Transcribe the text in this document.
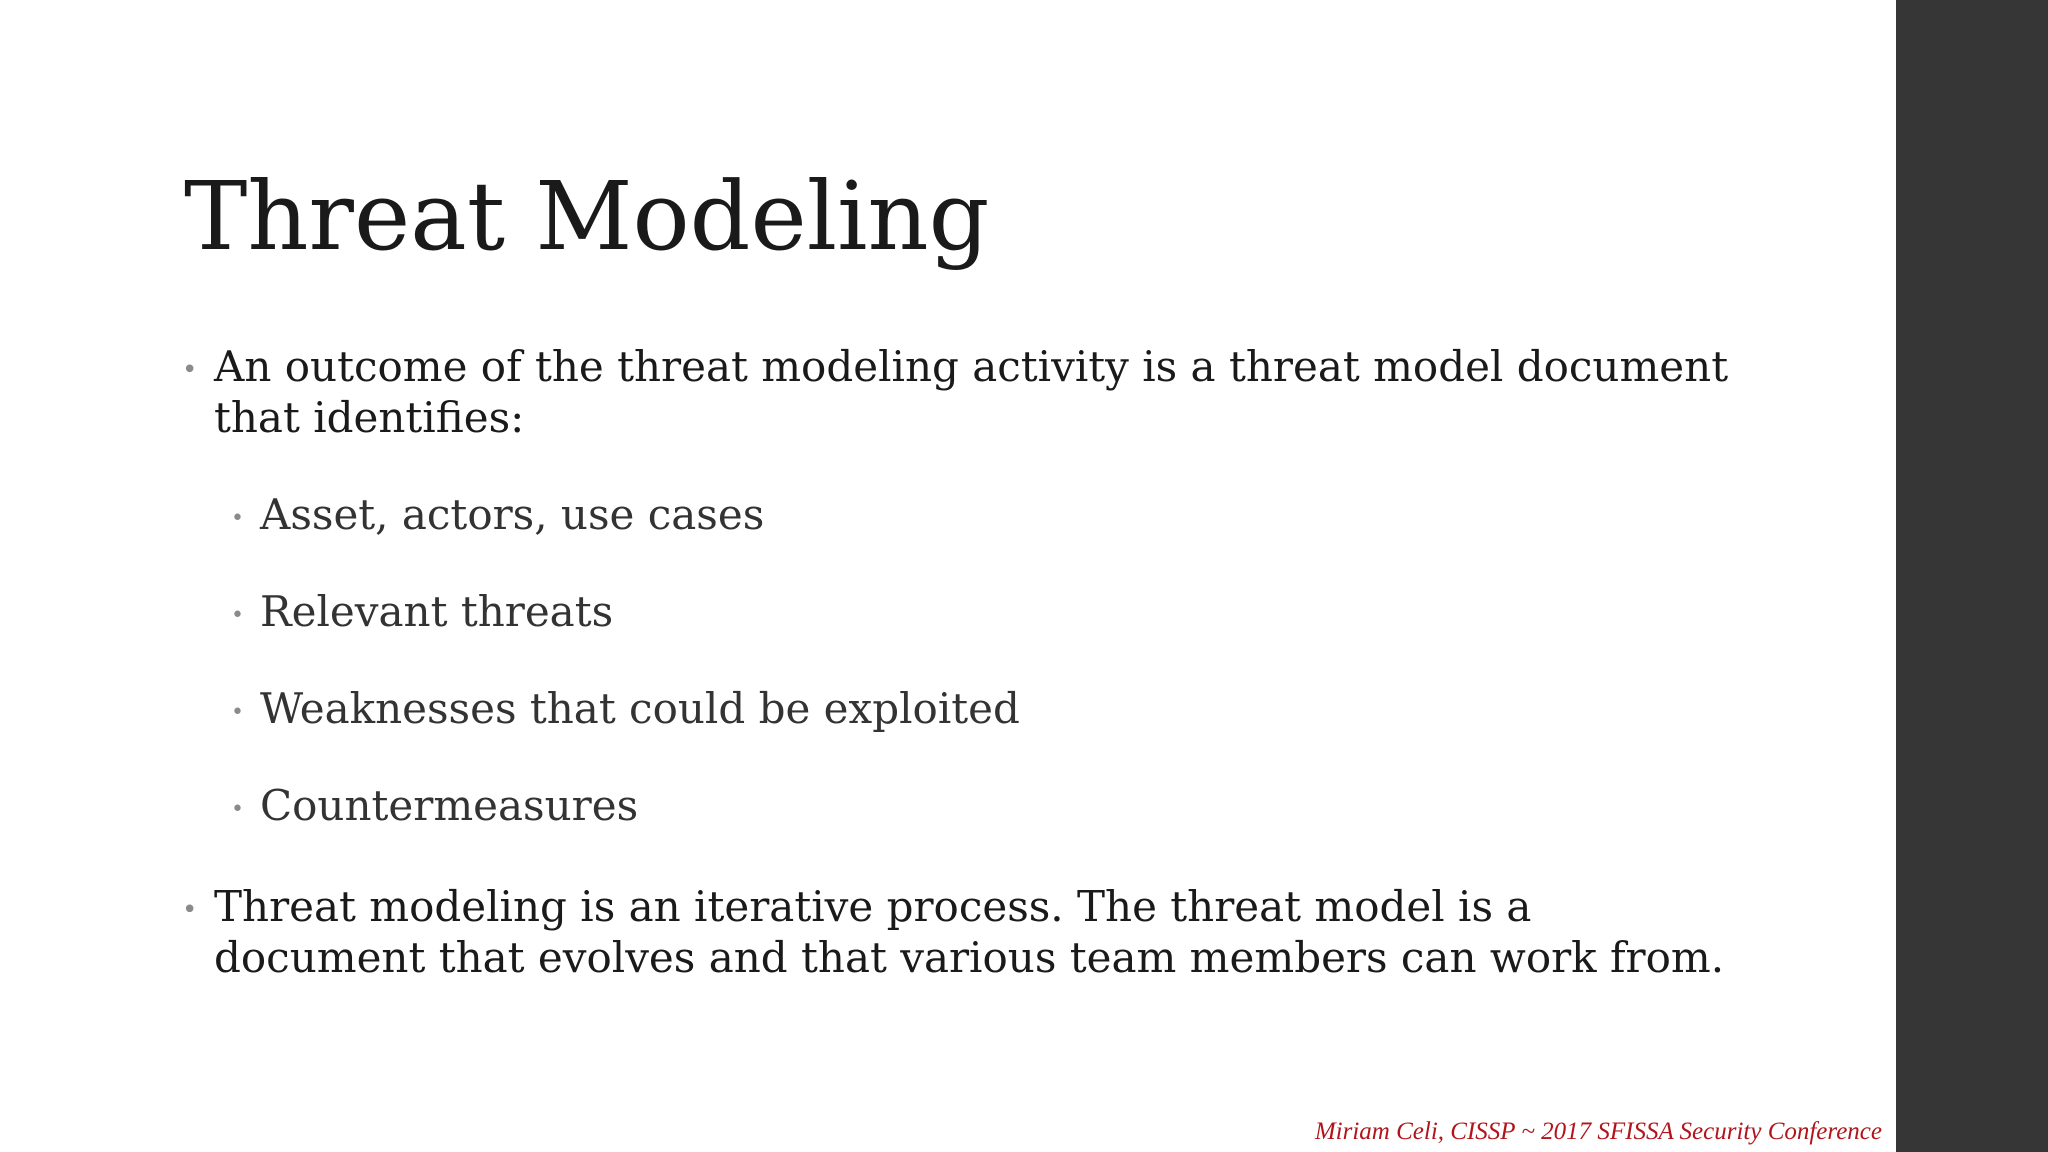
Threat Modeling
• An outcome of the threat modeling activity is a threat model document that identifies:
• Asset, actors, use cases
• Relevant threats
• Weaknesses that could be exploited
• Countermeasures
• Threat modeling is an iterative process. The threat model is a document that evolves and that various team members can work from.
Miriam Celi, CISSP ~ 2017 SFISSA Security Conference
